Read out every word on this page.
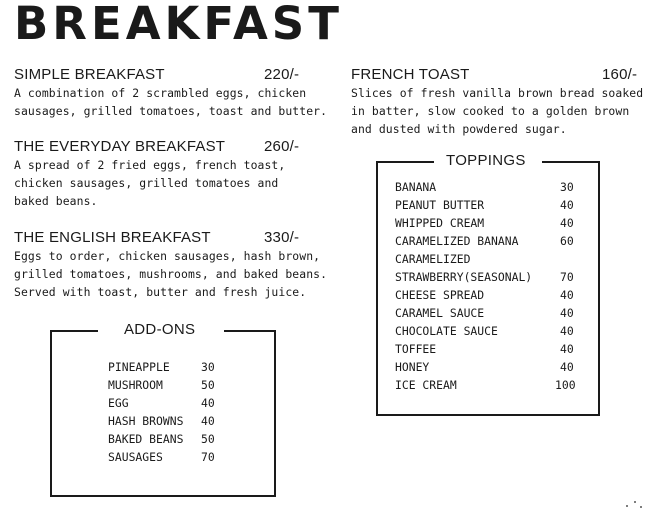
BREAKFAST
SIMPLE BREAKFAST	220/-
A combination of 2 scrambled eggs, chicken
sausages, grilled tomatoes, toast and butter.
THE EVERYDAY BREAKFAST	260/-
A spread of 2 fried eggs, french toast,
chicken sausages, grilled tomatoes and
baked beans.
THE ENGLISH BREAKFAST	330/-
Eggs to order, chicken sausages, hash brown,
grilled tomatoes, mushrooms, and baked beans.
Served with toast, butter and fresh juice.
FRENCH TOAST	160/-
Slices of fresh vanilla brown bread soaked
in batter, slow cooked to a golden brown
and dusted with powdered sugar.
ADD-ONS
PINEAPPLE	30
MUSHROOM	50
EGG	40
HASH BROWNS 40
BAKED BEANS 50
SAUSAGES	70
TOPPINGS
BANANA	30
PEANUT BUTTER	40
WHIPPED CREAM	40
CARAMELIZED BANANA	60
CARAMELIZED
STRAWBERRY(SEASONAL) 70
CHEESE SPREAD	40
CARAMEL SAUCE	40
CHOCOLATE SAUCE	40
TOFFEE	40
HONEY	40
ICE CREAM	100
